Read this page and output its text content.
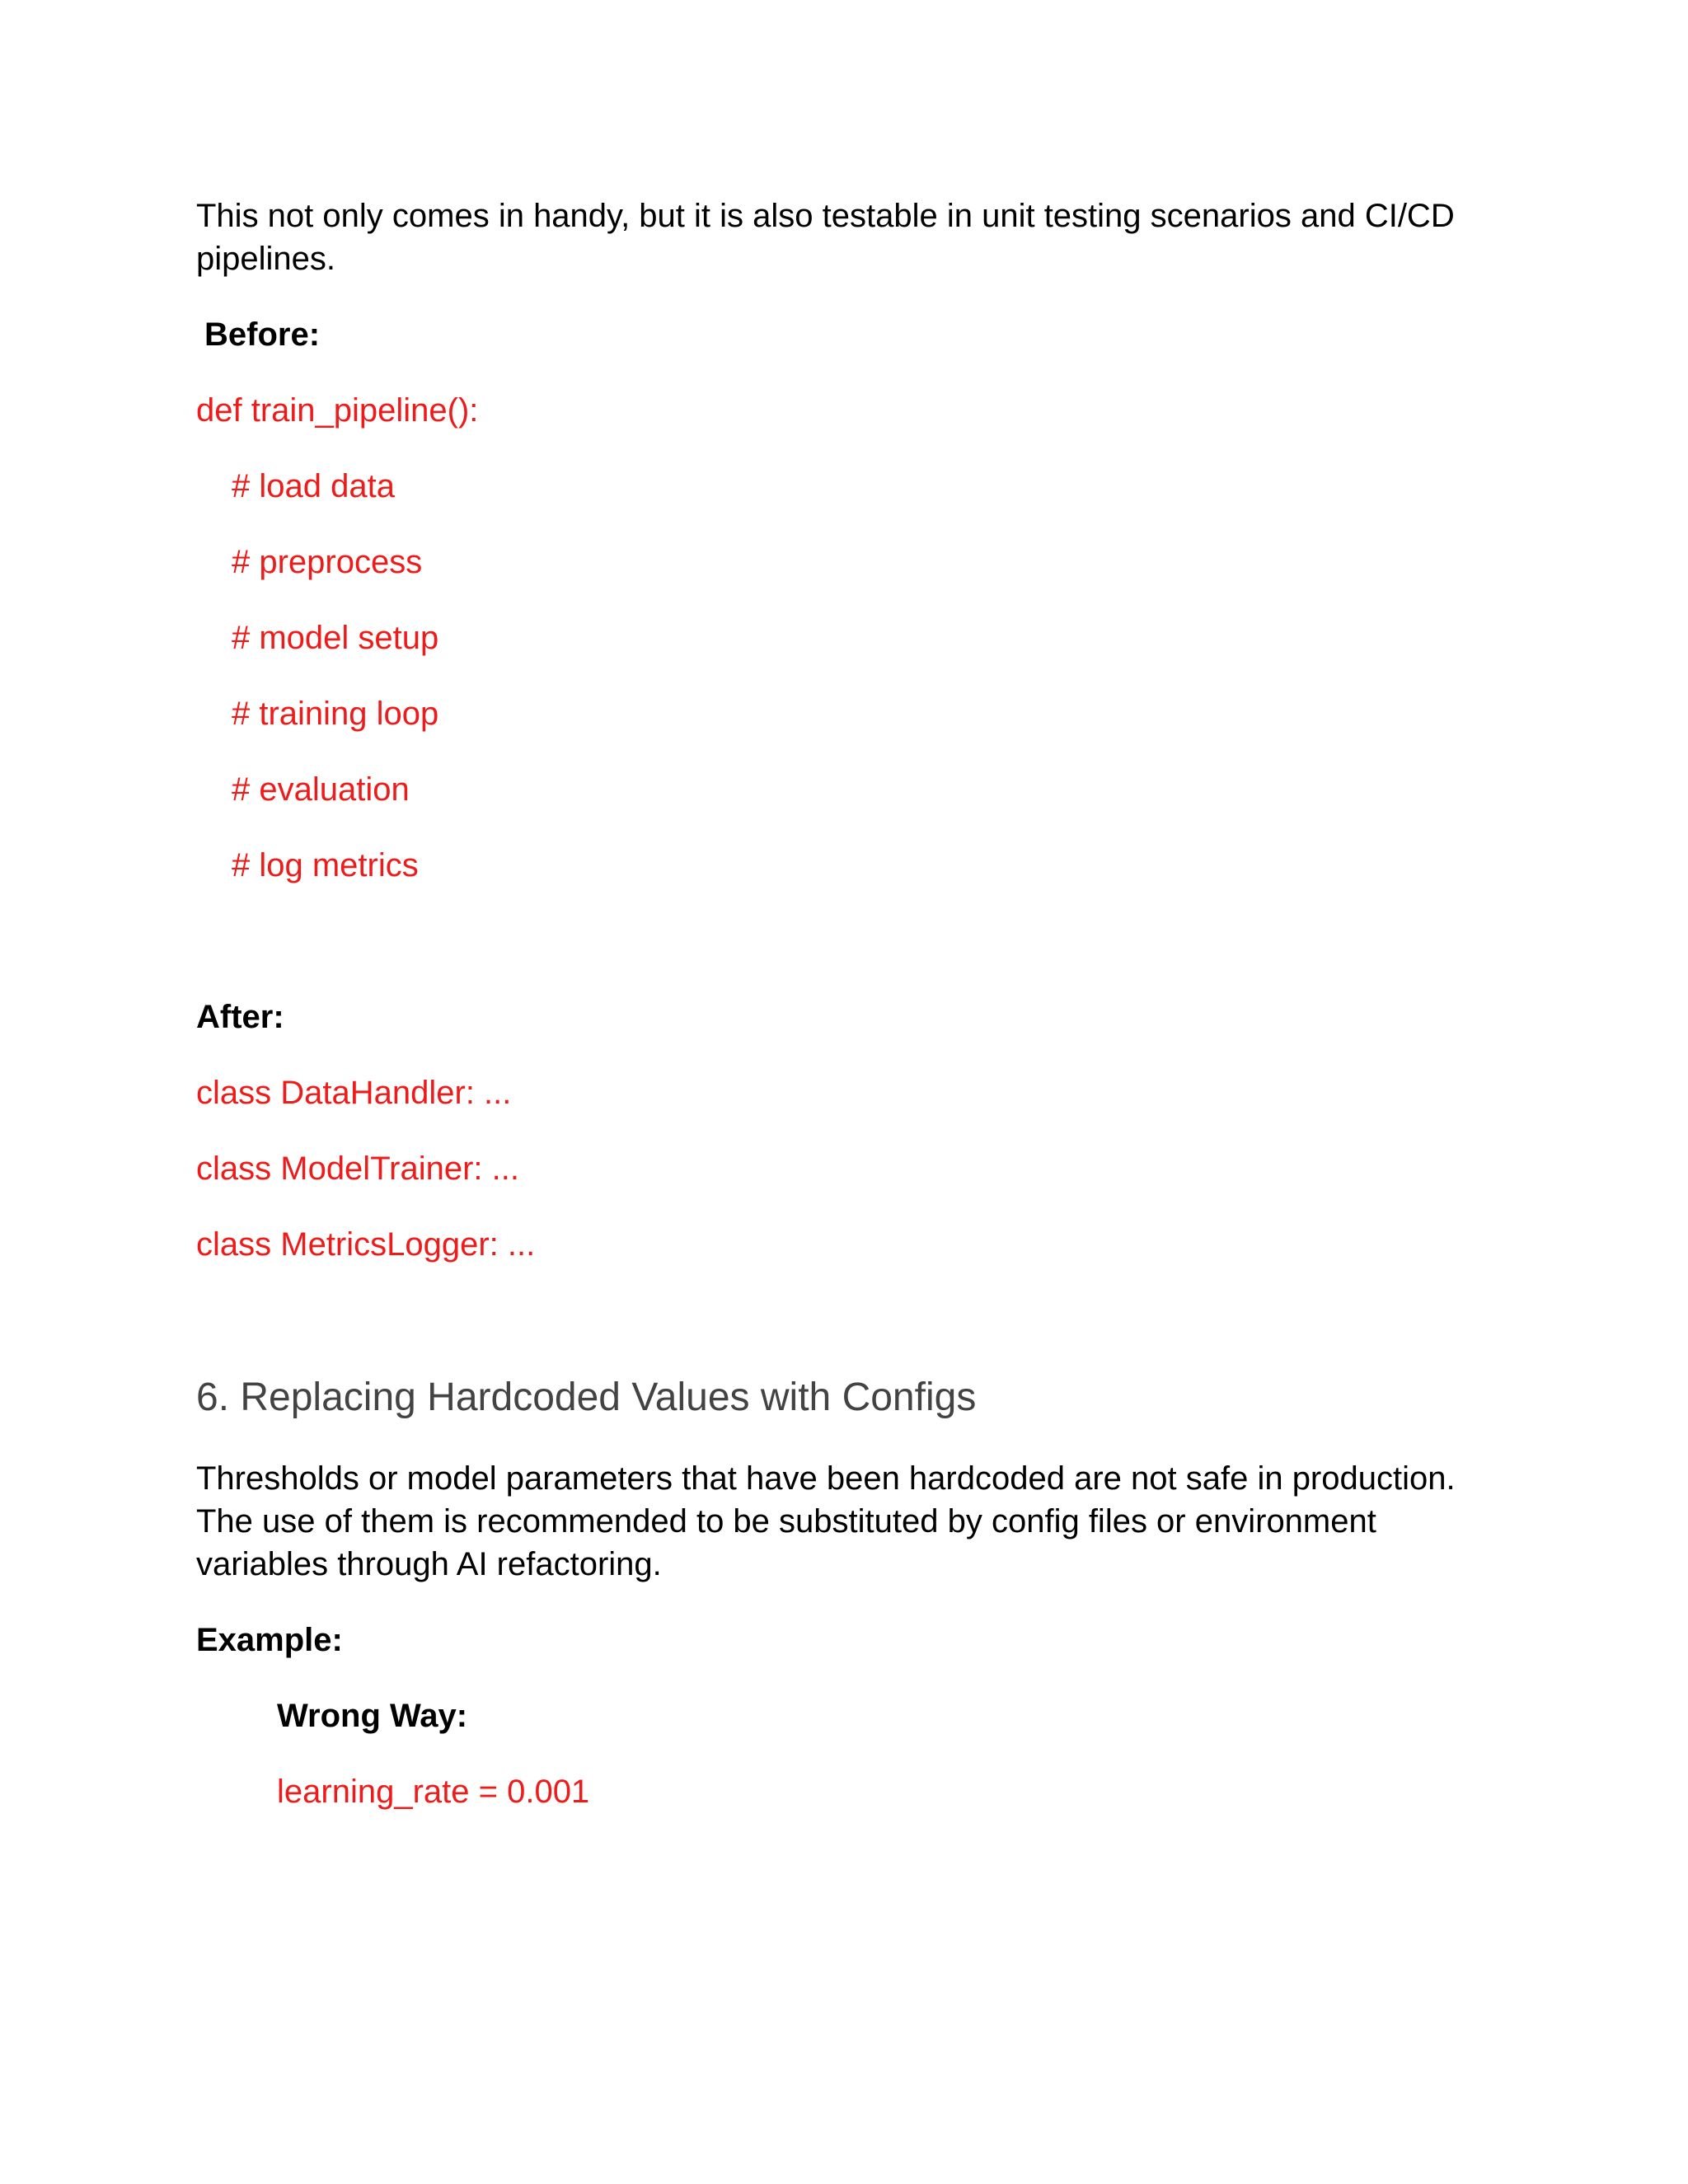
This not only comes in handy, but it is also testable in unit testing scenarios and CI/CD
pipelines.
Before:
def train_pipeline():
# load data
# preprocess
# model setup
# training loop
# evaluation
# log metrics
After:
class DataHandler: ...
class ModelTrainer: ...
class MetricsLogger: ...
6. Replacing Hardcoded Values with Configs
Thresholds or model parameters that have been hardcoded are not safe in production.
The use of them is recommended to be substituted by config files or environment
variables through AI refactoring.
Example:
Wrong Way:
learning_rate = 0.001
